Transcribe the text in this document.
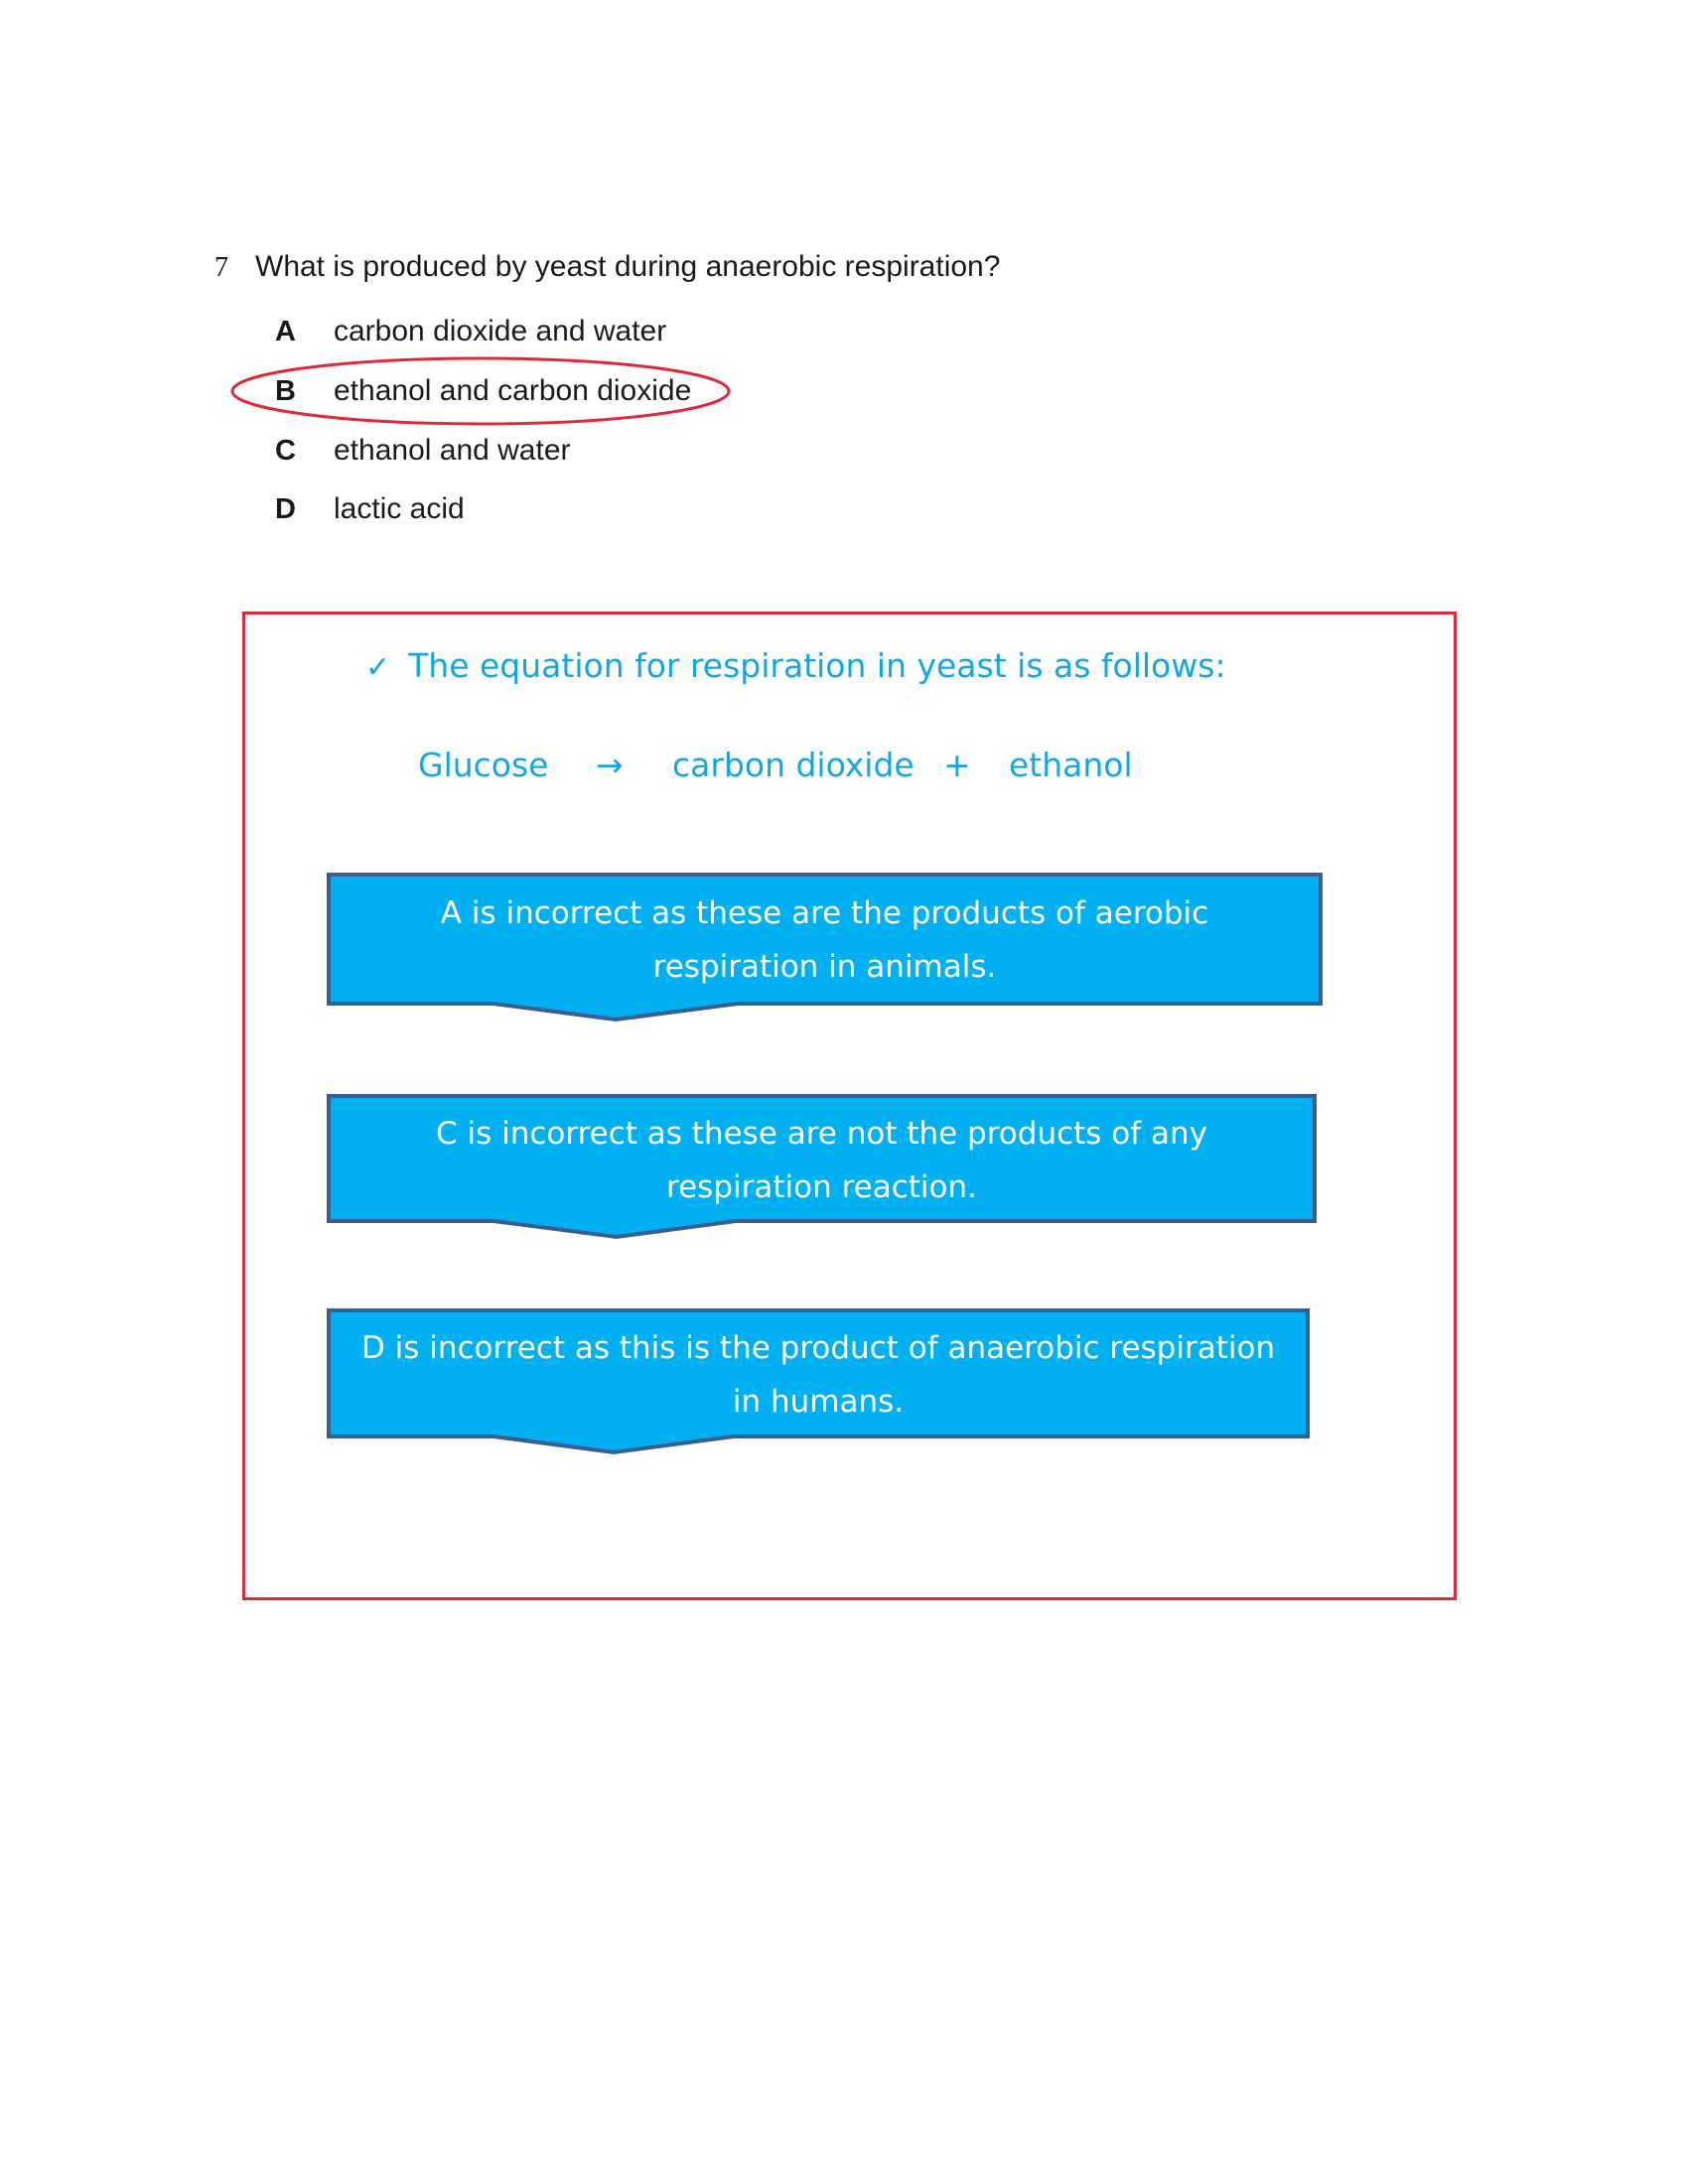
7 What is produced by yeast during anaerobic respiration?
A carbon dioxide and water
B ethanol and carbon dioxide
C ethanol and water
D lactic acid
✓ The equation for respiration in yeast is as follows:
Glucose → carbon dioxide + ethanol
A is incorrect as these are the products of aerobic
respiration in animals.
C is incorrect as these are not the products of any
respiration reaction.
D is incorrect as this is the product of anaerobic respiration
in humans.
